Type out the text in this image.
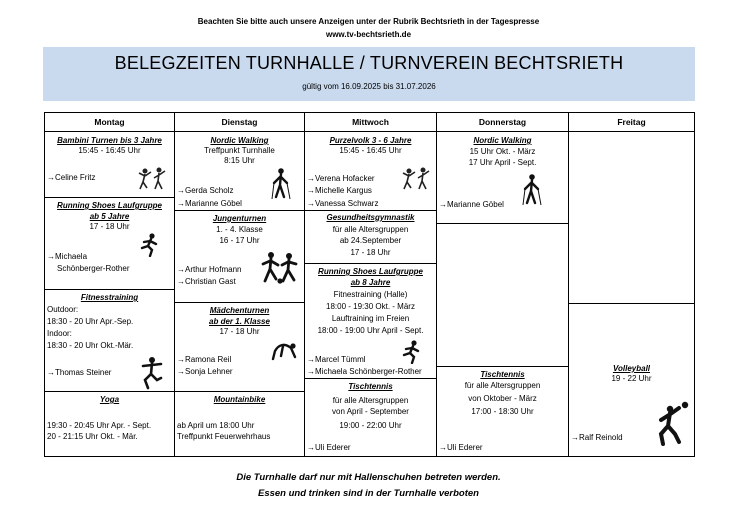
Beachten Sie bitte auch unsere Anzeigen unter der Rubrik Bechtsrieth in der Tagespresse
www.tv-bechtsrieth.de
BELEGZEITEN TURNHALLE / TURNVEREIN BECHTSRIETH
gültig vom 16.09.2025 bis 31.07.2026
Montag
Bambini Turnen bis 3 Jahre
15:45 - 16:45 Uhr
→Celine Fritz
Running Shoes Laufgruppe
ab 5 Jahre
17 - 18 Uhr
→Michaela
Schönberger-Rother
Fitnesstraining
Outdoor:
18:30 - 20 Uhr Apr.-Sep.
Indoor:
18:30 - 20 Uhr Okt.-Mär.
→Thomas Steiner
Yoga
19:30 - 20:45 Uhr Apr. - Sept.
20 - 21:15 Uhr Okt. - Mär.
Dienstag
Nordic Walking
Treffpunkt Turnhalle
8:15 Uhr
→Gerda Scholz
→Marianne Göbel
Jungenturnen
1. - 4. Klasse
16 - 17 Uhr
→Arthur Hofmann
→Christian Gast
Mädchenturnen
ab der 1. Klasse
17 - 18 Uhr
→Ramona Reil
→Sonja Lehner
Mountainbike
ab April um 18:00 Uhr
Treffpunkt Feuerwehrhaus
Mittwoch
Purzelvolk 3 - 6 Jahre
15:45 - 16:45 Uhr
→Verena Hofacker
→Michelle Kargus
→Vanessa Schwarz
Gesundheitsgymnastik
für alle Altersgruppen
ab 24.September
17 - 18 Uhr
Running Shoes Laufgruppe
ab 8 Jahre
Fitnestraining (Halle)
18:00 - 19:30 Okt. - März
Lauftraining im Freien
18:00 - 19:00 Uhr April - Sept.
→Marcel Tümml
→Michaela Schönberger-Rother
Tischtennis
für alle Altersgruppen
von April - September
19:00 - 22:00 Uhr
→Uli Ederer
Donnerstag
Nordic Walking
15 Uhr Okt. - März
17 Uhr April - Sept.
→Marianne Göbel
Tischtennis
für alle Altersgruppen
von Oktober - März
17:00 - 18:30 Uhr
→Uli Ederer
Freitag
Volleyball
19 - 22 Uhr
→Ralf Reinold
Die Turnhalle darf nur mit Hallenschuhen betreten werden.
Essen und trinken sind in der Turnhalle verboten
